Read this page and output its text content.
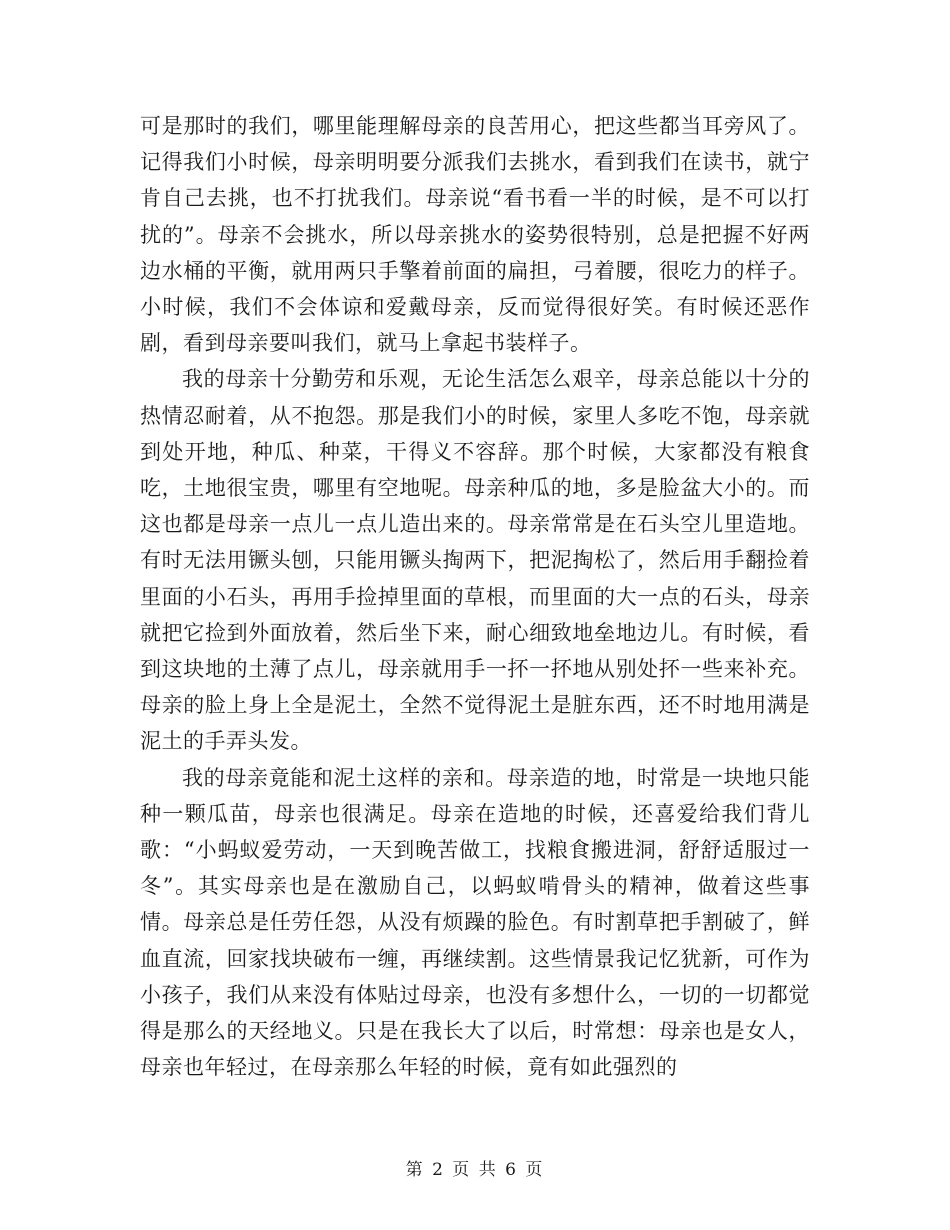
可是那时的我们，哪里能理解母亲的良苦用心，把这些都当耳旁风了。记得我们小时候，母亲明明要分派我们去挑水，看到我们在读书，就宁肯自己去挑，也不打扰我们。母亲说“看书看一半的时候，是不可以打扰的”。母亲不会挑水，所以母亲挑水的姿势很特别，总是把握不好两边水桶的平衡，就用两只手擎着前面的扁担，弓着腰，很吃力的样子。小时候，我们不会体谅和爱戴母亲，反而觉得很好笑。有时候还恶作剧，看到母亲要叫我们，就马上拿起书装样子。

我的母亲十分勤劳和乐观，无论生活怎么艰辛，母亲总能以十分的热情忍耐着，从不抱怨。那是我们小的时候，家里人多吃不饱，母亲就到处开地，种瓜、种菜，干得义不容辞。那个时候，大家都没有粮食吃，土地很宝贵，哪里有空地呢。母亲种瓜的地，多是脸盆大小的。而这也都是母亲一点儿一点儿造出来的。母亲常常是在石头空儿里造地。有时无法用镢头刨，只能用镢头掏两下，把泥掏松了，然后用手翻捡着里面的小石头，再用手捡掉里面的草根，而里面的大一点的石头，母亲就把它捡到外面放着，然后坐下来，耐心细致地垒地边儿。有时候，看到这块地的土薄了点儿，母亲就用手一抔一抔地从别处抔一些来补充。母亲的脸上身上全是泥土，全然不觉得泥土是脏东西，还不时地用满是泥土的手弄头发。

我的母亲竟能和泥土这样的亲和。母亲造的地，时常是一块地只能种一颗瓜苗，母亲也很满足。母亲在造地的时候，还喜爱给我们背儿歌：“小蚂蚁爱劳动，一天到晚苦做工，找粮食搬进洞，舒舒适服过一冬”。其实母亲也是在激励自己，以蚂蚁啃骨头的精神，做着这些事情。母亲总是任劳任怨，从没有烦躁的脸色。有时割草把手割破了，鲜血直流，回家找块破布一缠，再继续割。这些情景我记忆犹新，可作为小孩子，我们从来没有体贴过母亲，也没有多想什么，一切的一切都觉得是那么的天经地义。只是在我长大了以后，时常想：母亲也是女人，母亲也年轻过，在母亲那么年轻的时候，竟有如此强烈的

第 2 页 共 6 页
